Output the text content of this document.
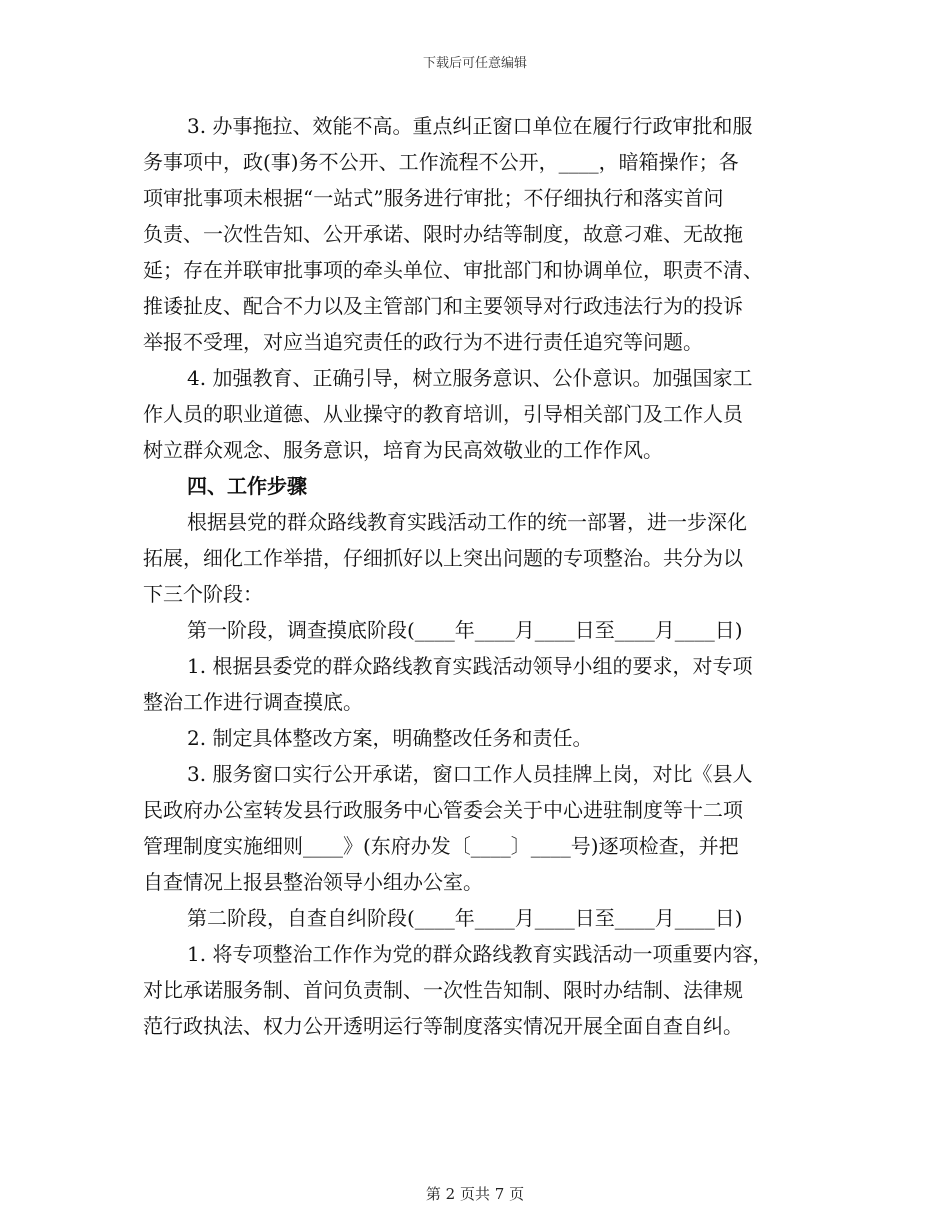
下载后可任意编辑
3. 办事拖拉、效能不高。重点纠正窗口单位在履行行政审批和服
务事项中，政(事)务不公开、工作流程不公开，____，暗箱操作；各
项审批事项未根据“一站式”服务进行审批；不仔细执行和落实首问
负责、一次性告知、公开承诺、限时办结等制度，故意刁难、无故拖
延；存在并联审批事项的牵头单位、审批部门和协调单位，职责不清、
推诿扯皮、配合不力以及主管部门和主要领导对行政违法行为的投诉
举报不受理，对应当追究责任的政行为不进行责任追究等问题。
4. 加强教育、正确引导，树立服务意识、公仆意识。加强国家工
作人员的职业道德、从业操守的教育培训，引导相关部门及工作人员
树立群众观念、服务意识，培育为民高效敬业的工作作风。
四、工作步骤
根据县党的群众路线教育实践活动工作的统一部署，进一步深化
拓展，细化工作举措，仔细抓好以上突出问题的专项整治。共分为以
下三个阶段：
第一阶段，调查摸底阶段(____年____月____日至____月____日)
1. 根据县委党的群众路线教育实践活动领导小组的要求，对专项
整治工作进行调查摸底。
2. 制定具体整改方案，明确整改任务和责任。
3. 服务窗口实行公开承诺，窗口工作人员挂牌上岗，对比《县人
民政府办公室转发县行政服务中心管委会关于中心进驻制度等十二项
管理制度实施细则____》(东府办发〔____〕____号)逐项检查，并把
自查情况上报县整治领导小组办公室。
第二阶段，自查自纠阶段(____年____月____日至____月____日)
1. 将专项整治工作作为党的群众路线教育实践活动一项重要内容，
对比承诺服务制、首问负责制、一次性告知制、限时办结制、法律规
范行政执法、权力公开透明运行等制度落实情况开展全面自查自纠。
第 2 页共 7 页
